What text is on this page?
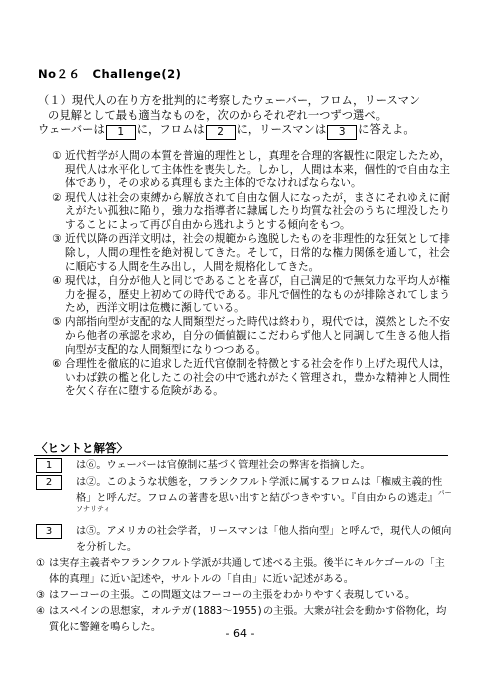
No２６　Challenge(2)
（１）現代人の在り方を批判的に考察したウェーバー，フロム，リースマン
の見解として最も適当なものを，次のからそれぞれ一つずつ選べ。
ウェーバーは 1 に，フロムは 2 に，リースマンは 3 に答えよ。
① 近代哲学が人間の本質を普遍的理性とし，真理を合理的客観性に限定したため，現代人は水平化して主体性を喪失した。しかし，人間は本来，個性的で自由な主体であり，その求める真理もまた主体的でなければならない。
② 現代人は社会の束縛から解放されて自由な個人になったが，まさにそれゆえに耐えがたい孤独に陥り，強力な指導者に隷属したり均質な社会のうちに埋没したりすることによって再び自由から逃れようとする傾向をもつ。
③ 近代以降の西洋文明は，社会の規範から逸脱したものを非理性的な狂気として排除し，人間の理性を絶対視してきた。そして，日常的な権力関係を通して，社会に順応する人間を生み出し，人間を規格化してきた。
④ 現代は，自分が他人と同じであることを喜び，自己満足的で無気力な平均人が権力を握る，歴史上初めての時代である。非凡で個性的なものが排除されてしまうため，西洋文明は危機に瀕している。
⑤ 内部指向型が支配的な人間類型だった時代は終わり，現代では，漠然とした不安から他者の承認を求め，自分の価値観にこだわらず他人と同調して生きる他人指向型が支配的な人間類型になりつつある。
⑥ 合理性を徹底的に追求した近代官僚制を特徴とする社会を作り上げた現代人は，いわば鉄の檻と化したこの社会の中で逃れがたく管理され，豊かな精神と人間性を欠く存在に堕する危険がある。
〈ヒントと解答〉
1	は⑥。ウェーバーは官僚制に基づく管理社会の弊害を指摘した。
2	は②。このような状態を，フランクフルト学派に属するフロムは「権威主義的性　格」と呼んだ。フロムの著書を思い出すと結びつきやすい。『自由からの逃走』$^{パーソナリティ}$
3	は⑤。アメリカの社会学者，リースマンは「他人指向型」と呼んで，現代人の傾向を分析した。
① は実存主義者やフランクフルト学派が共通して述べる主張。後半にキルケゴールの「主体的真理」に近い記述や，サルトルの「自由」に近い記述がある。
③ はフーコーの主張。この問題文はフーコーの主張をわかりやすく表現している。
④ はスペインの思想家，オルテガ(1883～1955)の主張。大衆が社会を動かす俗物化，均質化に警鐘を鳴らした。	- 64 -
